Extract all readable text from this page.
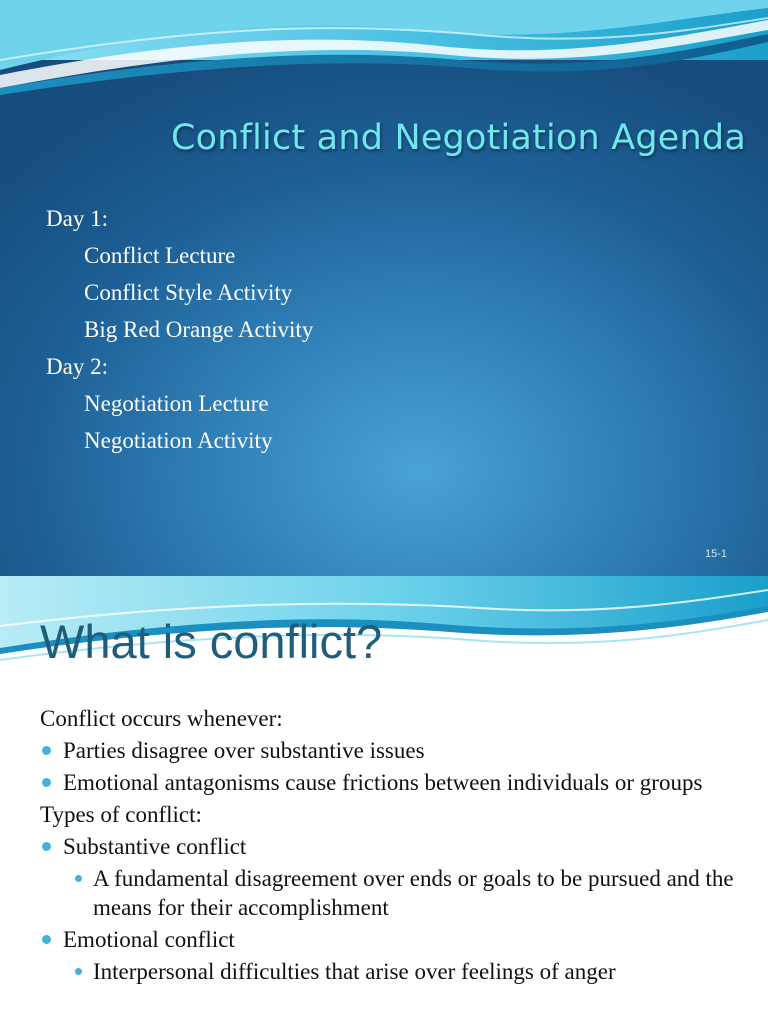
Conflict and Negotiation Agenda

Day 1:

Conflict Lecture

Conflict Style Activity

Big Red Orange Activity

Day 2:

Negotiation Lecture

Negotiation Activity

15-1
What is conflict?

Conflict occurs whenever:

Parties disagree over substantive issues

Emotional antagonisms cause frictions between individuals or groups

Types of conflict:

Substantive conflict

A fundamental disagreement over ends or goals to be pursued and the means for their accomplishment

Emotional conflict

Interpersonal difficulties that arise over feelings of anger
